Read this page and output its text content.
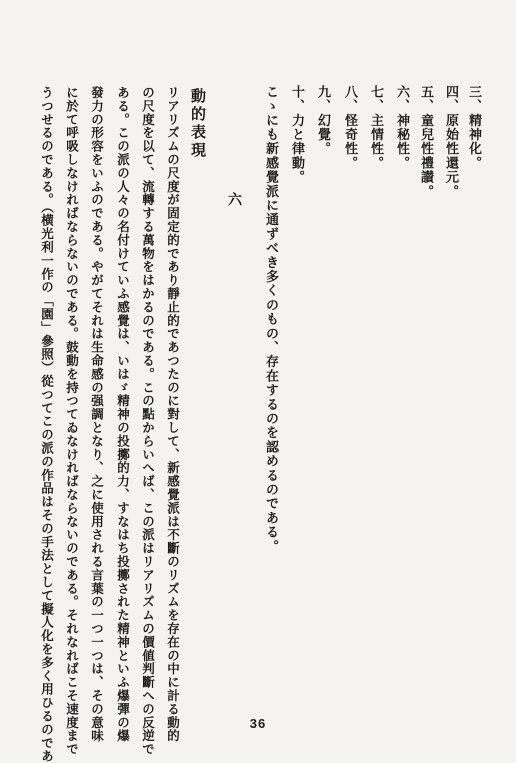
三、精神化。
四、原始性還元。
五、童兒性禮讃。
六、神秘性。
七、主情性。
八、怪奇性。
九、幻覺。
十、力と律動。
こゝにも新感覺派に通ずべき多くのもの、存在するのを認めるのである。
六
動的表現
リアリズムの尺度が固定的であり靜止的であつたのに對して、新感覺派は不斷のリズムを存在の中に計る動的
の尺度を以て、流轉する萬物をはかるのである。この點からいへば、この派はリアリズムの價値判斷への反逆で
ある。この派の人々の名付けていふ感覺は、いはゞ精神の投擲的力、すなはち投擲された精神といふ爆彈の爆
發力の形容をいふのである。やがてそれは生命感の强調となり、之に使用される言葉の一つ一つは、その意味
に於て呼吸しなければならないのである。鼓動を持つてゐなければならないのである。それなればこそ速度まで
うつせるのである。（横光利一作の「園」參照）從つてこの派の作品はその手法として擬人化を多く用ひるのであ	36
